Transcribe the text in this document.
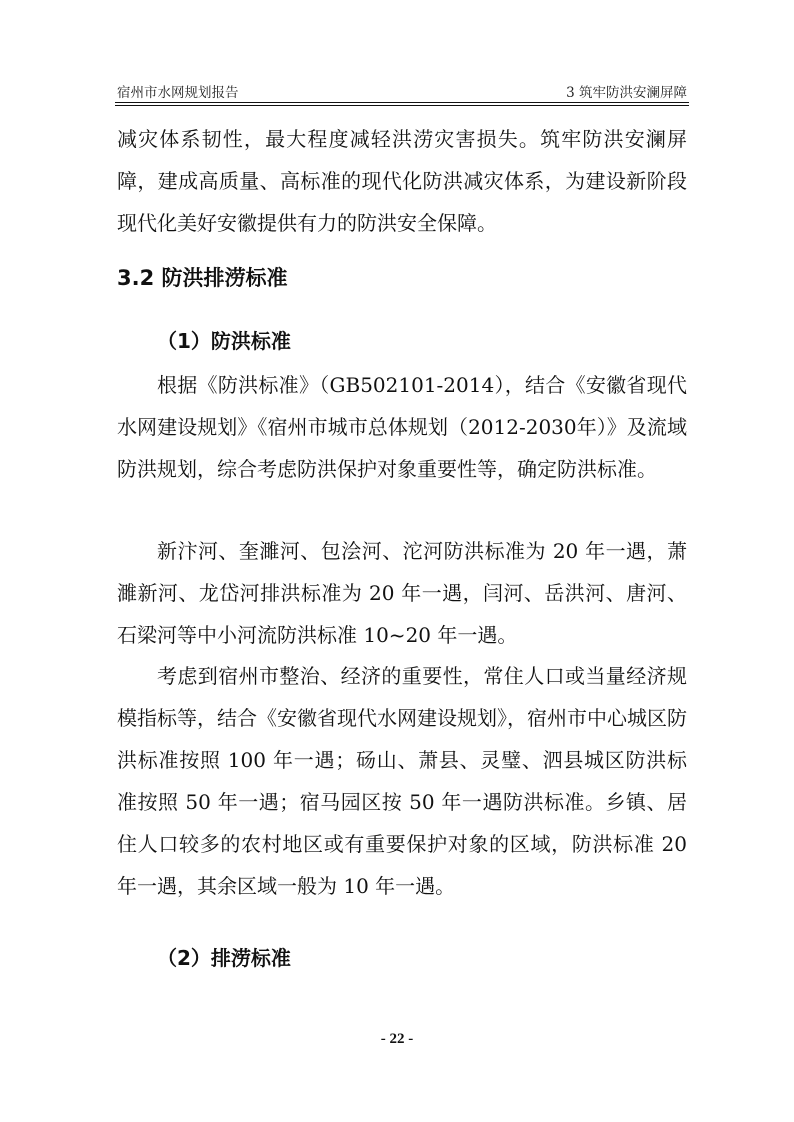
宿州市水网规划报告	3 筑牢防洪安澜屏障

减灾体系韧性，最大程度减轻洪涝灾害损失。筑牢防洪安澜屏障，建成高质量、高标准的现代化防洪减灾体系，为建设新阶段现代化美好安徽提供有力的防洪安全保障。

3.2 防洪排涝标准
（1）防洪标准

根据《防洪标准》（GB502101-2014），结合《安徽省现代水网建设规划》《宿州市城市总体规划（2012-2030年）》及流域防洪规划，综合考虑防洪保护对象重要性等，确定防洪标准。

新汴河、奎濉河、包浍河、沱河防洪标准为 20 年一遇，萧濉新河、龙岱河排洪标准为 20 年一遇，闫河、岳洪河、唐河、石梁河等中小河流防洪标准 10~20 年一遇。

考虑到宿州市整治、经济的重要性，常住人口或当量经济规模指标等，结合《安徽省现代水网建设规划》，宿州市中心城区防洪标准按照 100 年一遇；砀山、萧县、灵璧、泗县城区防洪标准按照 50 年一遇；宿马园区按 50 年一遇防洪标准。乡镇、居住人口较多的农村地区或有重要保护对象的区域，防洪标准 20 年一遇，其余区域一般为 10 年一遇。

（2）排涝标准
- 22 -
